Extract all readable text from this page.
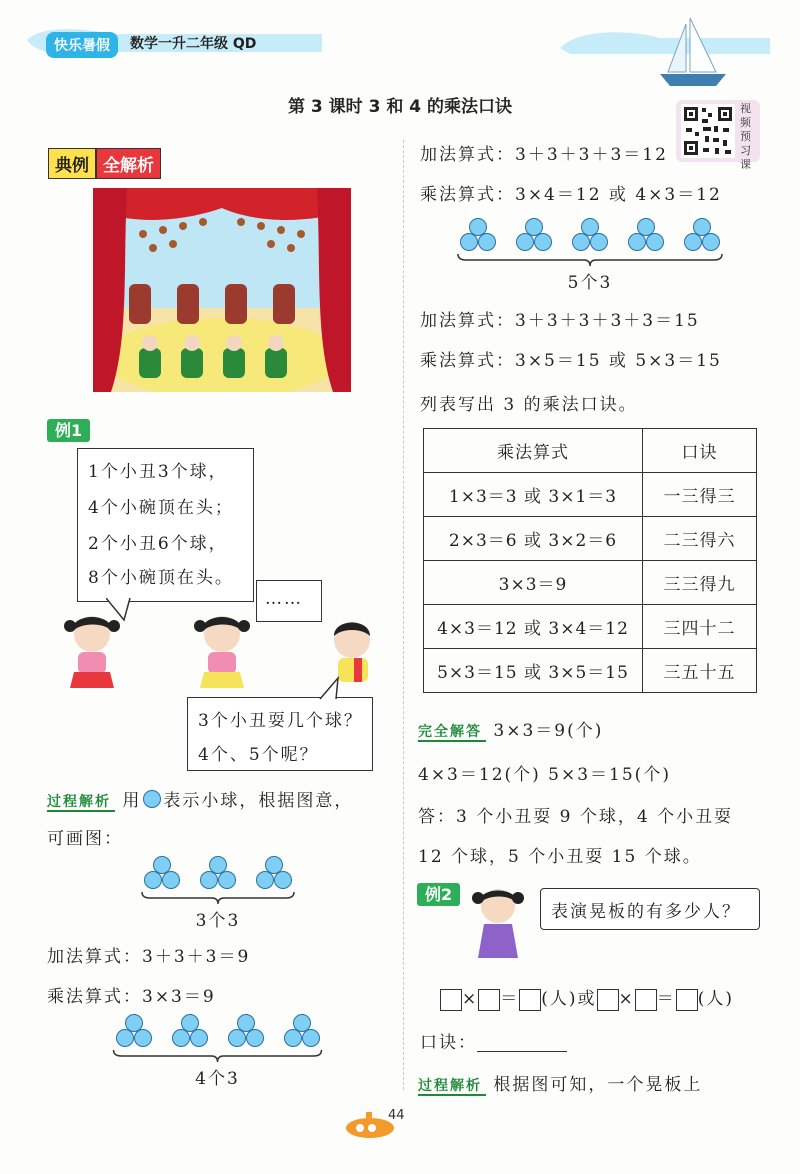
快乐暑假	数学一升二年级 QD
第 3 课时 3 和 4 的乘法口诀	视频预习课
典例 全解析
例1
1个小丑3个球，
4个小碗顶在头；
2个小丑6个球，
8个小碗顶在头。
……
3个小丑耍几个球？
4个、5个呢？
过程解析 用 表示小球，根据图意，
可画图：
3个3
加法算式：3＋3＋3＝9
乘法算式：3×3＝9
4个3
加法算式：3＋3＋3＋3＝12
乘法算式：3×4＝12 或 4×3＝12
5个3
加法算式：3＋3＋3＋3＋3＝15
乘法算式：3×5＝15 或 5×3＝15
列表写出 3 的乘法口诀。
乘法算式	口诀
1×3＝3 或 3×1＝3	一三得三
2×3＝6 或 3×2＝6	二三得六
3×3＝9	三三得九
4×3＝12 或 3×4＝12	三四十二
5×3＝15 或 3×5＝15	三五十五
完全解答 3×3＝9(个)
4×3＝12(个) 5×3＝15(个)
答：3 个小丑耍 9 个球，4 个小丑耍
12 个球，5 个小丑耍 15 个球。
例2
表演晃板的有多少人？
× ＝ (人)或 × ＝ (人)
口诀：
过程解析 根据图可知，一个晃板上
44
